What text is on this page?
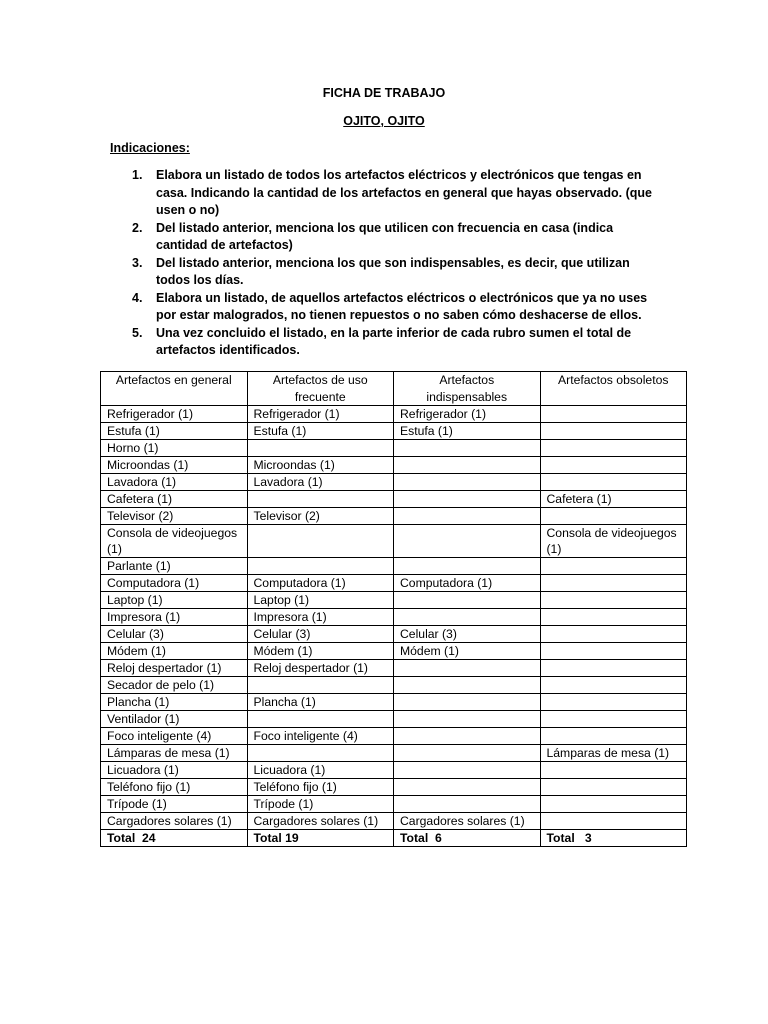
FICHA DE TRABAJO
OJITO, OJITO
Indicaciones:
1. Elabora un listado de todos los artefactos eléctricos y electrónicos que tengas en casa. Indicando la cantidad de los artefactos en general que hayas observado. (que usen o no)
2. Del listado anterior, menciona los que utilicen con frecuencia en casa (indica cantidad de artefactos)
3. Del listado anterior, menciona los que son indispensables, es decir, que utilizan todos los días.
4. Elabora un listado, de aquellos artefactos eléctricos o electrónicos que ya no uses por estar malogrados, no tienen repuestos o no saben cómo deshacerse de ellos.
5. Una vez concluido el listado, en la parte inferior de cada rubro sumen el total de artefactos identificados.
Artefactos en general	Artefactos de uso frecuente	Artefactos indispensables	Artefactos obsoletos
Refrigerador (1)	Refrigerador (1)	Refrigerador (1)	
Estufa (1)	Estufa (1)	Estufa (1)	
Horno (1)			
Microondas (1)	Microondas (1)		
Lavadora (1)	Lavadora (1)		
Cafetera (1)			Cafetera (1)
Televisor (2)	Televisor (2)		
Consola de videojuegos (1)			Consola de videojuegos (1)
Parlante (1)			
Computadora (1)	Computadora (1)	Computadora (1)	
Laptop (1)	Laptop (1)		
Impresora (1)	Impresora (1)		
Celular (3)	Celular (3)	Celular (3)	
Módem (1)	Módem (1)	Módem (1)	
Reloj despertador (1)	Reloj despertador (1)		
Secador de pelo (1)			
Plancha (1)	Plancha (1)		
Ventilador (1)			
Foco inteligente (4)	Foco inteligente (4)		
Lámparas de mesa (1)			Lámparas de mesa (1)
Licuadora (1)	Licuadora (1)		
Teléfono fijo (1)	Teléfono fijo (1)		
Trípode (1)	Trípode (1)		
Cargadores solares (1)	Cargadores solares (1)	Cargadores solares (1)	
Total  24	Total 19	Total  6	Total   3
